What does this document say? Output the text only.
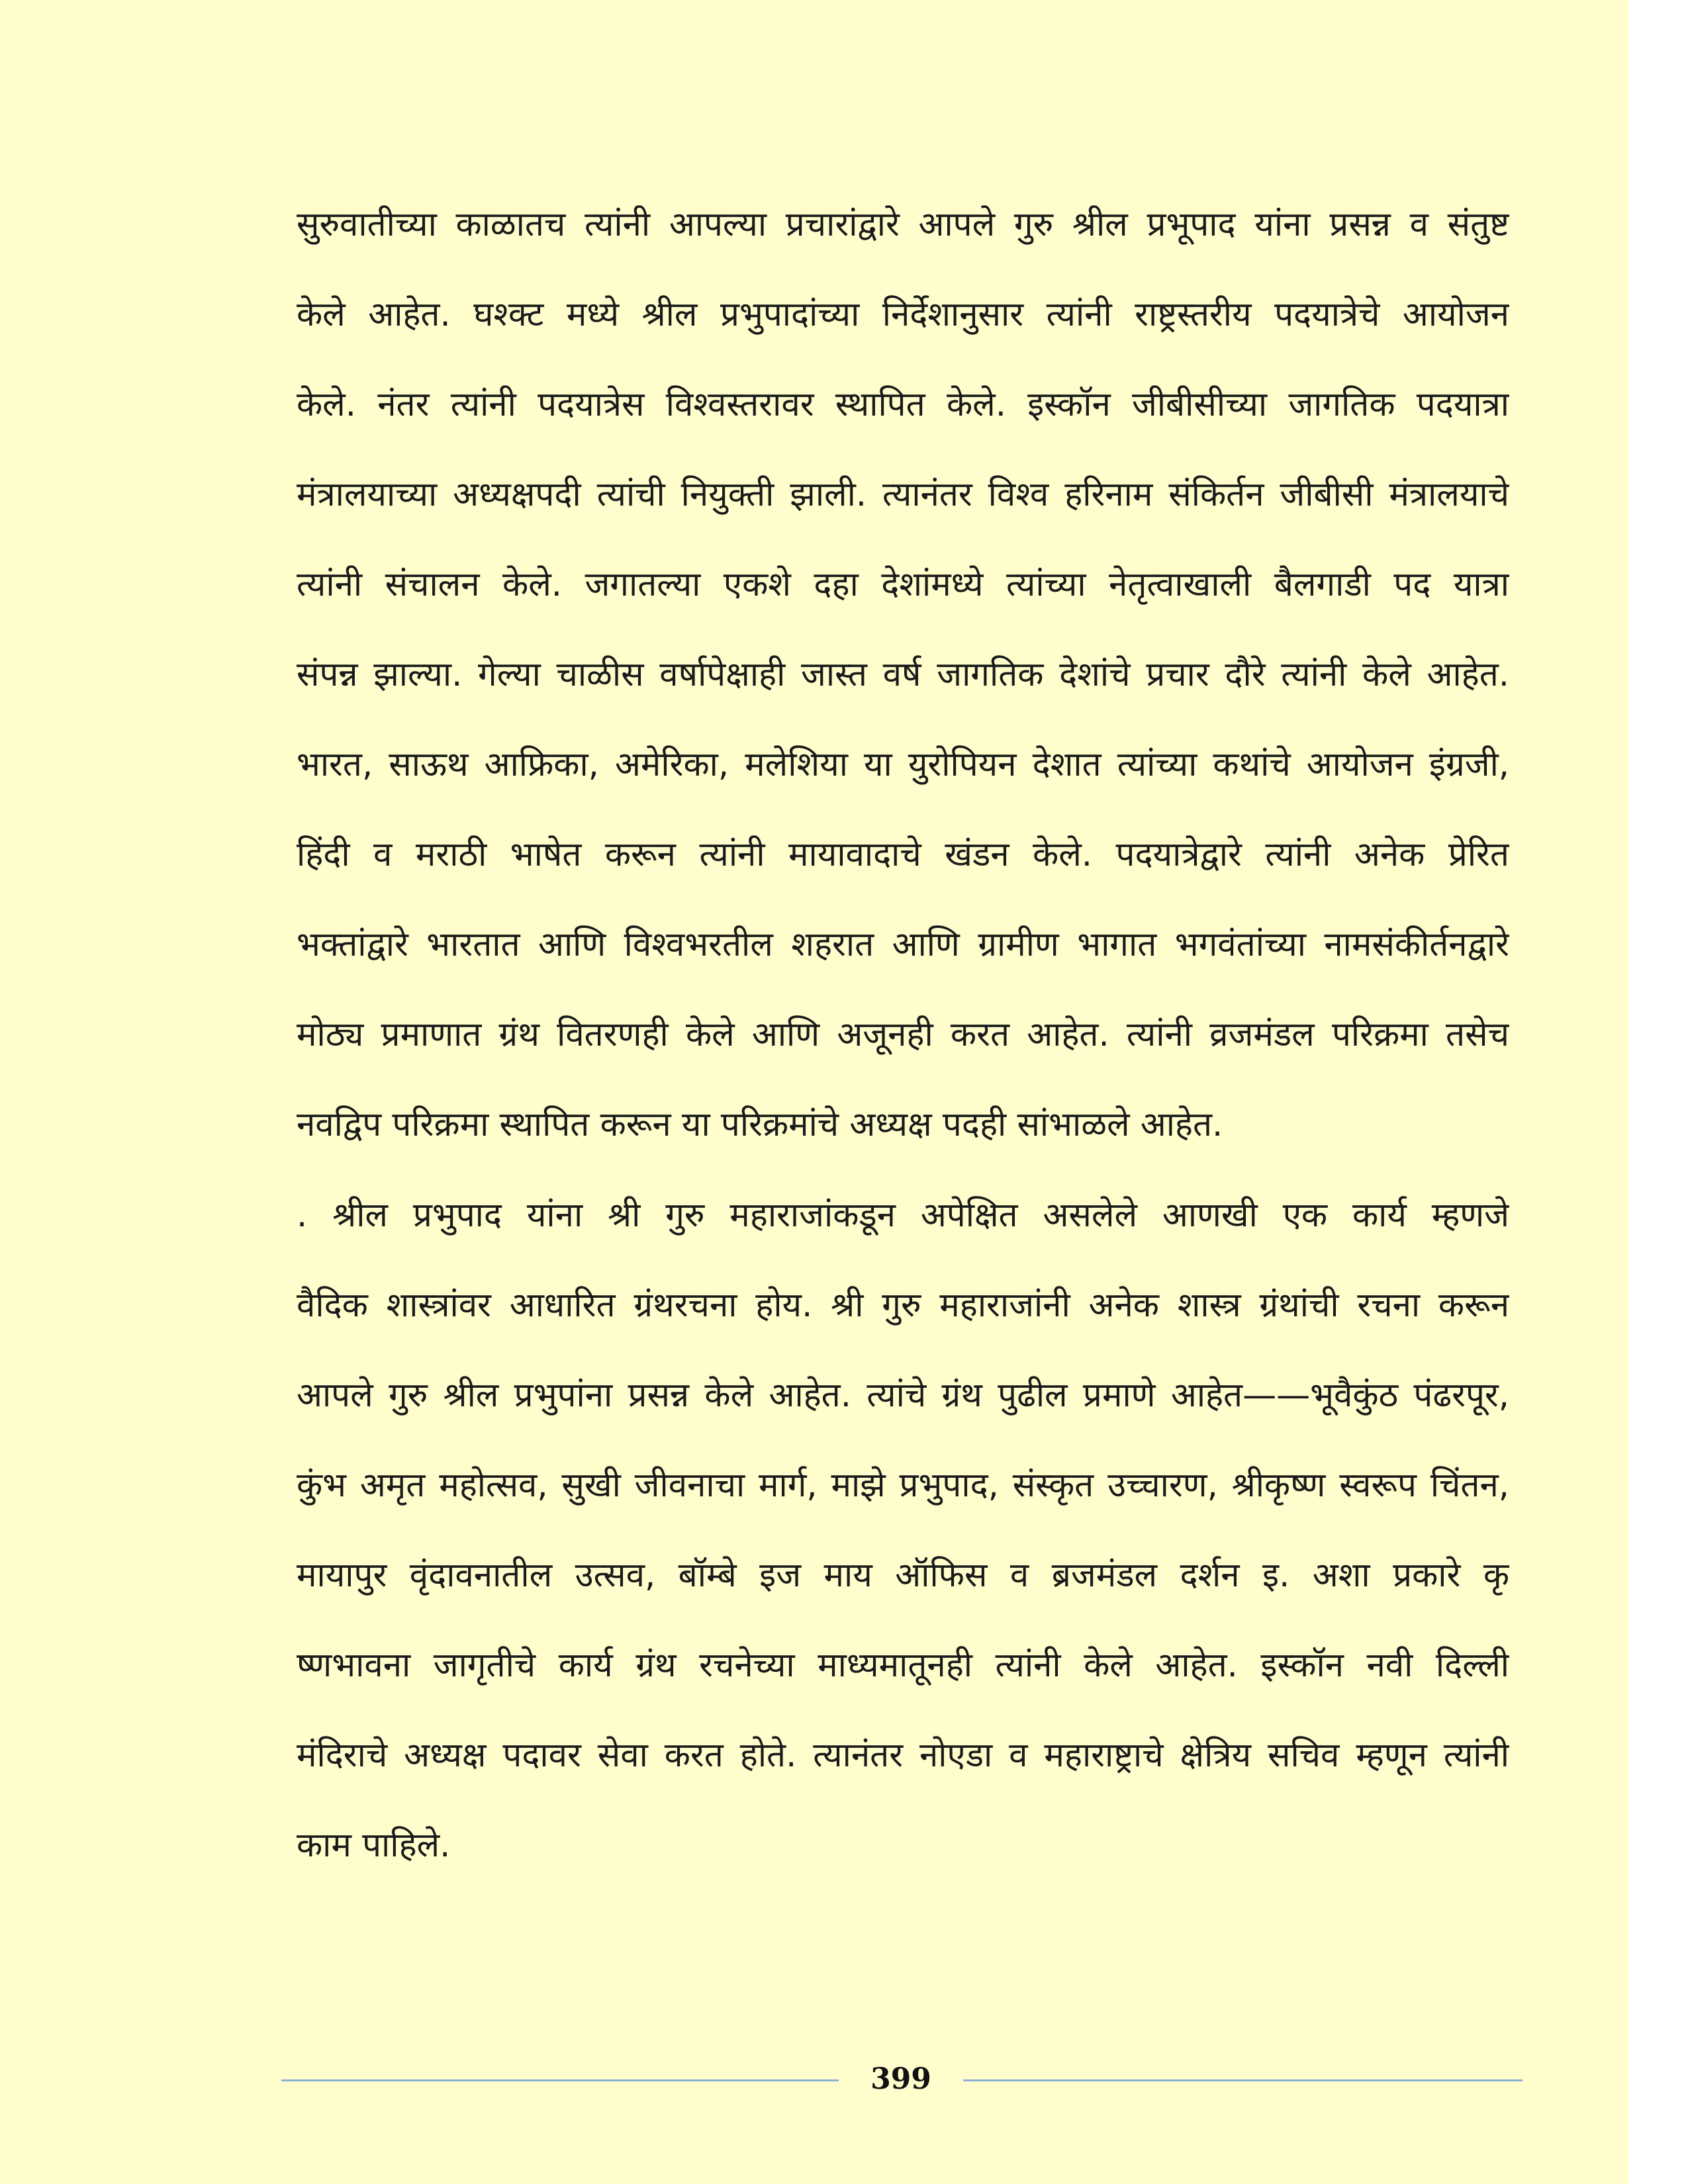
सुरुवातीच्या काळातच त्यांनी आपल्या प्रचारांद्वारे आपले गुरु श्रील प्रभूपाद यांना प्रसन्न व संतुष्ट
केले आहेत. घश्क्ट मध्ये श्रील प्रभुपादांच्या निर्देशानुसार त्यांनी राष्ट्रस्तरीय पदयात्रेचे आयोजन
केले. नंतर त्यांनी पदयात्रेस विश्वस्तरावर स्थापित केले. इस्कॉन जीबीसीच्या जागतिक पदयात्रा
मंत्रालयाच्या अध्यक्षपदी त्यांची नियुक्ती झाली. त्यानंतर विश्व हरिनाम संकिर्तन जीबीसी मंत्रालयाचे
त्यांनी संचालन केले. जगातल्या एकशे दहा देशांमध्ये त्यांच्या नेतृत्वाखाली बैलगाडी पद यात्रा
संपन्न झाल्या. गेल्या चाळीस वर्षापेक्षाही जास्त वर्ष जागतिक देशांचे प्रचार दौरे त्यांनी केले आहेत.
भारत, साऊथ आफ्रिका, अमेरिका, मलेशिया या युरोपियन देशात त्यांच्या कथांचे आयोजन इंग्रजी,
हिंदी व मराठी भाषेत करून त्यांनी मायावादाचे खंडन केले. पदयात्रेद्वारे त्यांनी अनेक प्रेरित
भक्तांद्वारे भारतात आणि विश्वभरतील शहरात आणि ग्रामीण भागात भगवंतांच्या नामसंकीर्तनद्वारे
मोठ्य प्रमाणात ग्रंथ वितरणही केले आणि अजूनही करत आहेत. त्यांनी व्रजमंडल परिक्रमा तसेच
नवद्विप परिक्रमा स्थापित करून या परिक्रमांचे अध्यक्ष पदही सांभाळले आहेत.
. श्रील प्रभुपाद यांना श्री गुरु महाराजांकडून अपेक्षित असलेले आणखी एक कार्य म्हणजे
वैदिक शास्त्रांवर आधारित ग्रंथरचना होय. श्री गुरु महाराजांनी अनेक शास्त्र ग्रंथांची रचना करून
आपले गुरु श्रील प्रभुपांना प्रसन्न केले आहेत. त्यांचे ग्रंथ पुढील प्रमाणे आहेत——भूवैकुंठ पंढरपूर,
कुंभ अमृत महोत्सव, सुखी जीवनाचा मार्ग, माझे प्रभुपाद, संस्कृत उच्चारण, श्रीकृष्ण स्वरूप चिंतन,
मायापुर वृंदावनातील उत्सव, बॉम्बे इज माय ऑफिस व ब्रजमंडल दर्शन इ. अशा प्रकारे कृ
ष्णभावना जागृतीचे कार्य ग्रंथ रचनेच्या माध्यमातूनही त्यांनी केले आहेत. इस्कॉन नवी दिल्ली
मंदिराचे अध्यक्ष पदावर सेवा करत होते. त्यानंतर नोएडा व महाराष्ट्राचे क्षेत्रिय सचिव म्हणून त्यांनी
काम पाहिले.
399
